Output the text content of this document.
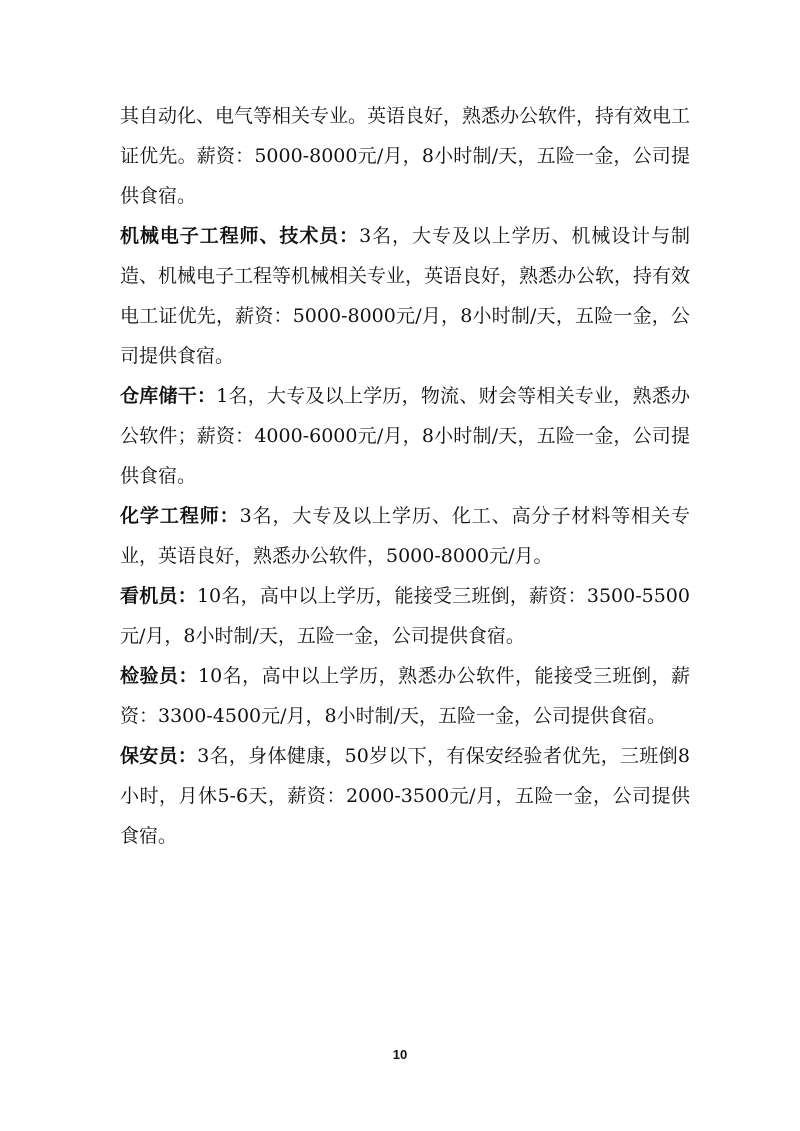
其自动化、电气等相关专业。英语良好，熟悉办公软件，持有效电工证优先。薪资：5000-8000元/月，8小时制/天，五险一金，公司提供食宿。

机械电子工程师、技术员：3名，大专及以上学历、机械设计与制造、机械电子工程等机械相关专业，英语良好，熟悉办公软，持有效电工证优先，薪资：5000-8000元/月，8小时制/天，五险一金，公司提供食宿。

仓库储干：1名，大专及以上学历，物流、财会等相关专业，熟悉办公软件；薪资：4000-6000元/月，8小时制/天，五险一金，公司提供食宿。

化学工程师：3名，大专及以上学历、化工、高分子材料等相关专业，英语良好，熟悉办公软件，5000-8000元/月。

看机员：10名，高中以上学历，能接受三班倒，薪资：3500-5500元/月，8小时制/天，五险一金，公司提供食宿。

检验员：10名，高中以上学历，熟悉办公软件，能接受三班倒，薪资：3300-4500元/月，8小时制/天，五险一金，公司提供食宿。

保安员：3名，身体健康，50岁以下，有保安经验者优先，三班倒8小时，月休5-6天，薪资：2000-3500元/月，五险一金，公司提供食宿。

10
